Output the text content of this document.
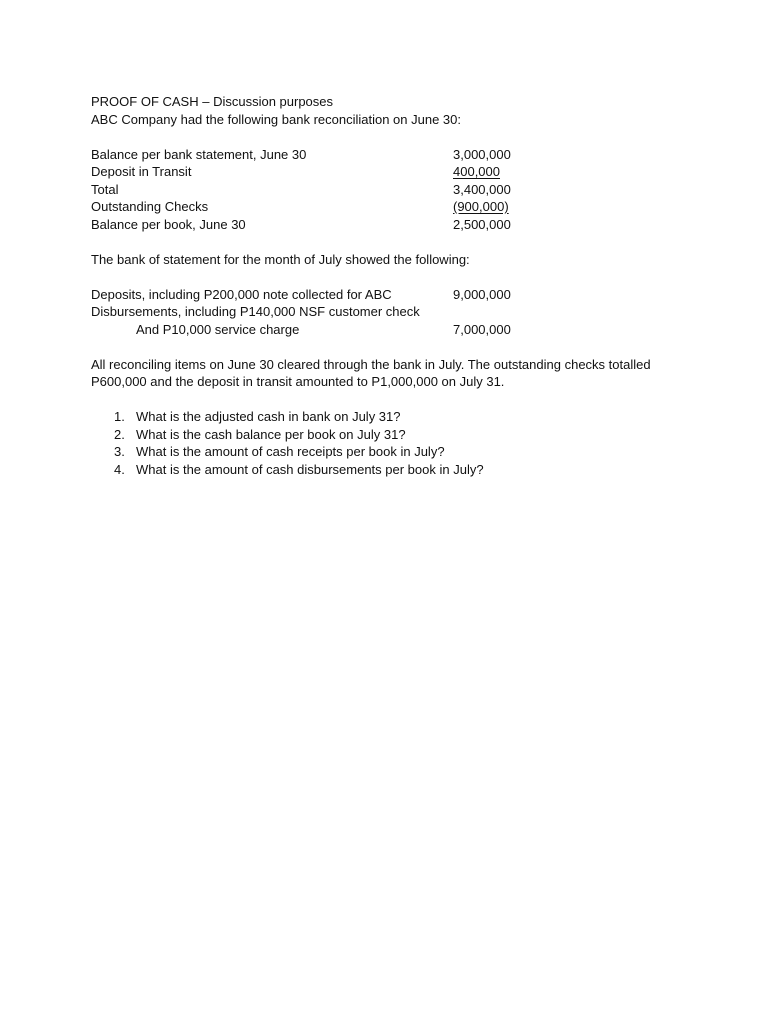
PROOF OF CASH – Discussion purposes
ABC Company had the following bank reconciliation on June 30:
Balance per bank statement, June 30	3,000,000
Deposit in Transit	400,000
Total	3,400,000
Outstanding Checks	(900,000)
Balance per book, June 30	2,500,000
The bank of statement for the month of July showed the following:
Deposits, including P200,000 note collected for ABC	9,000,000
Disbursements, including P140,000 NSF customer check
And P10,000 service charge	7,000,000
All reconciling items on June 30 cleared through the bank in July. The outstanding checks totalled
P600,000 and the deposit in transit amounted to P1,000,000 on July 31.
1. What is the adjusted cash in bank on July 31?
2. What is the cash balance per book on July 31?
3. What is the amount of cash receipts per book in July?
4. What is the amount of cash disbursements per book in July?
